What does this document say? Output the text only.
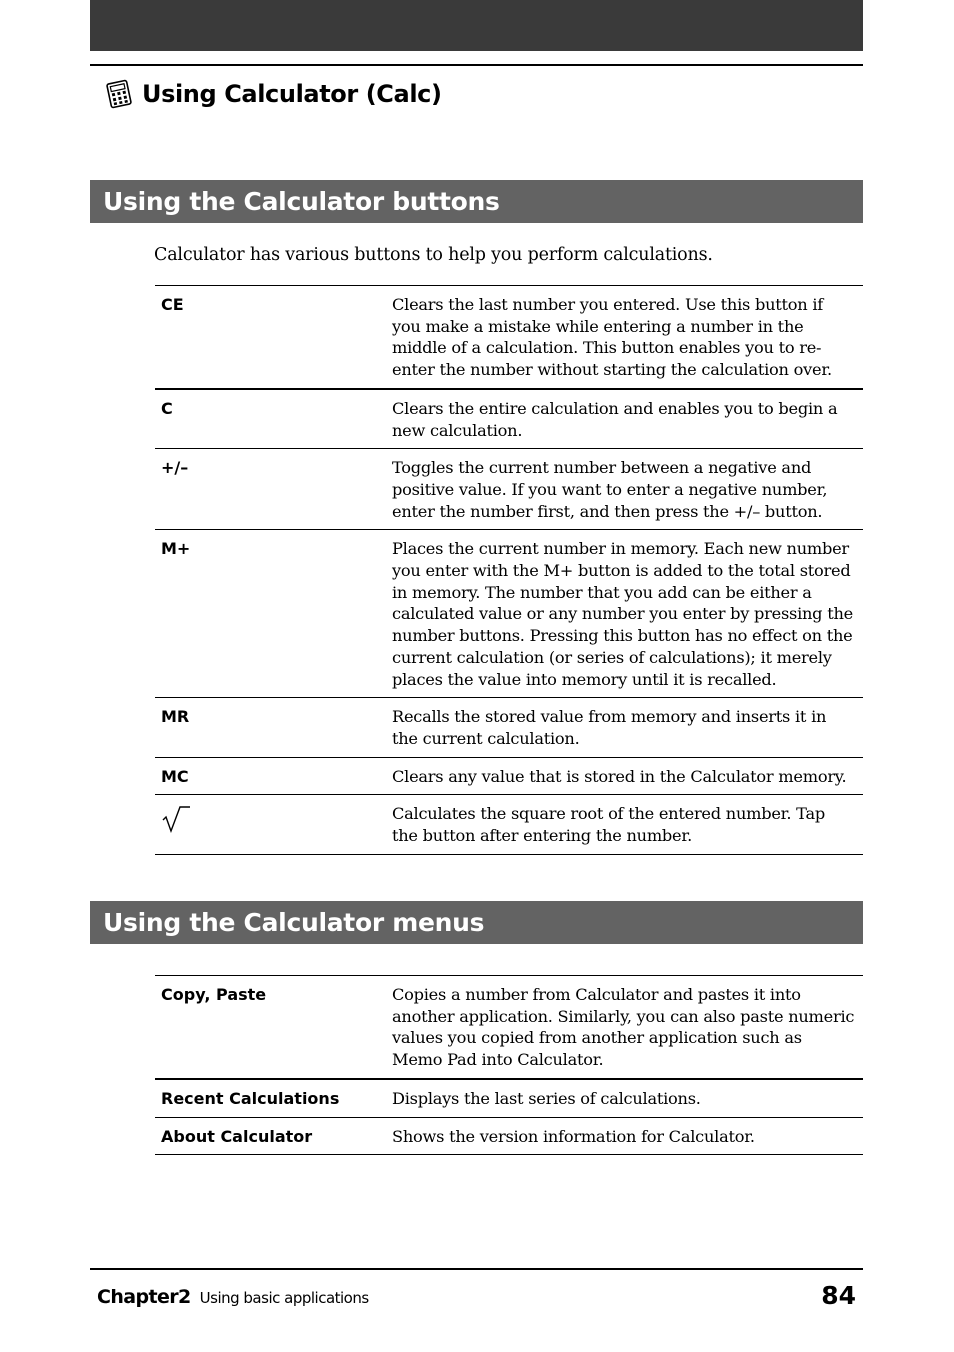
Using Calculator (Calc)
Using the Calculator buttons
Calculator has various buttons to help you perform calculations.
CE	Clears the last number you entered. Use this button if you make a mistake while entering a number in the middle of a calculation. This button enables you to re-enter the number without starting the calculation over.
C	Clears the entire calculation and enables you to begin a new calculation.
+/–	Toggles the current number between a negative and positive value. If you want to enter a negative number, enter the number first, and then press the +/– button.
M+	Places the current number in memory. Each new number you enter with the M+ button is added to the total stored in memory. The number that you add can be either a calculated value or any number you enter by pressing the number buttons. Pressing this button has no effect on the current calculation (or series of calculations); it merely places the value into memory until it is recalled.
MR	Recalls the stored value from memory and inserts it in the current calculation.
MC	Clears any value that is stored in the Calculator memory.
	Calculates the square root of the entered number. Tap the button after entering the number.
Using the Calculator menus
Copy, Paste	Copies a number from Calculator and pastes it into another application. Similarly, you can also paste numeric values you copied from another application such as Memo Pad into Calculator.
Recent Calculations	Displays the last series of calculations.
About Calculator	Shows the version information for Calculator.
Chapter2 Using basic applications	84
